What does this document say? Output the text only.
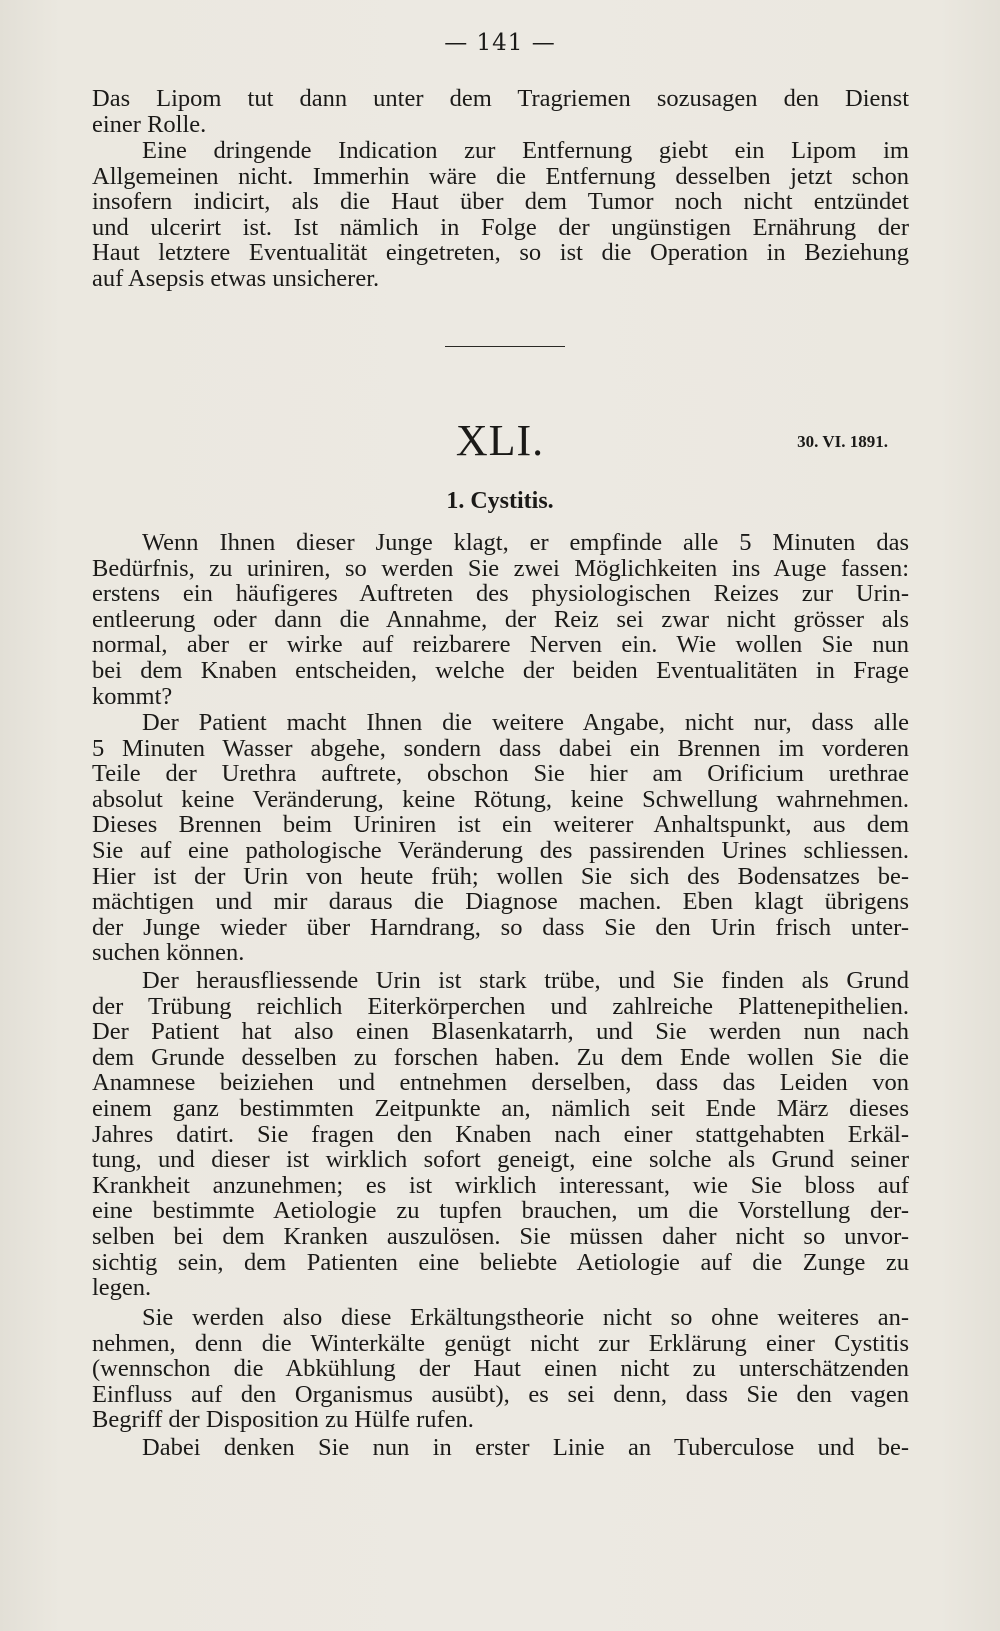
— 141 —

Das Lipom tut dann unter dem Tragriemen sozusagen den Dienst
einer Rolle.

Eine dringende Indication zur Entfernung giebt ein Lipom im
Allgemeinen nicht. Immerhin wäre die Entfernung desselben jetzt schon
insofern indicirt, als die Haut über dem Tumor noch nicht entzündet
und ulcerirt ist. Ist nämlich in Folge der ungünstigen Ernährung der
Haut letztere Eventualität eingetreten, so ist die Operation in Beziehung
auf Asepsis etwas unsicherer.

XLI.	30. VI. 1891.
1. Cystitis.

Wenn Ihnen dieser Junge klagt, er empfinde alle 5 Minuten das
Bedürfnis, zu uriniren, so werden Sie zwei Möglichkeiten ins Auge fassen:
erstens ein häufigeres Auftreten des physiologischen Reizes zur Urin-
entleerung oder dann die Annahme, der Reiz sei zwar nicht grösser als
normal, aber er wirke auf reizbarere Nerven ein. Wie wollen Sie nun
bei dem Knaben entscheiden, welche der beiden Eventualitäten in Frage
kommt?

Der Patient macht Ihnen die weitere Angabe, nicht nur, dass alle
5 Minuten Wasser abgehe, sondern dass dabei ein Brennen im vorderen
Teile der Urethra auftrete, obschon Sie hier am Orificium urethrae
absolut keine Veränderung, keine Rötung, keine Schwellung wahrnehmen.
Dieses Brennen beim Uriniren ist ein weiterer Anhaltspunkt, aus dem
Sie auf eine pathologische Veränderung des passirenden Urines schliessen.
Hier ist der Urin von heute früh; wollen Sie sich des Bodensatzes be-
mächtigen und mir daraus die Diagnose machen. Eben klagt übrigens
der Junge wieder über Harndrang, so dass Sie den Urin frisch unter-
suchen können.

Der herausfliessende Urin ist stark trübe, und Sie finden als Grund
der Trübung reichlich Eiterkörperchen und zahlreiche Plattenepithelien.
Der Patient hat also einen Blasenkatarrh, und Sie werden nun nach
dem Grunde desselben zu forschen haben. Zu dem Ende wollen Sie die
Anamnese beiziehen und entnehmen derselben, dass das Leiden von
einem ganz bestimmten Zeitpunkte an, nämlich seit Ende März dieses
Jahres datirt. Sie fragen den Knaben nach einer stattgehabten Erkäl-
tung, und dieser ist wirklich sofort geneigt, eine solche als Grund seiner
Krankheit anzunehmen; es ist wirklich interessant, wie Sie bloss auf
eine bestimmte Aetiologie zu tupfen brauchen, um die Vorstellung der-
selben bei dem Kranken auszulösen. Sie müssen daher nicht so unvor-
sichtig sein, dem Patienten eine beliebte Aetiologie auf die Zunge zu
legen.

Sie werden also diese Erkältungstheorie nicht so ohne weiteres an-
nehmen, denn die Winterkälte genügt nicht zur Erklärung einer Cystitis
(wennschon die Abkühlung der Haut einen nicht zu unterschätzenden
Einfluss auf den Organismus ausübt), es sei denn, dass Sie den vagen
Begriff der Disposition zu Hülfe rufen.

Dabei denken Sie nun in erster Linie an Tuberculose und be-
